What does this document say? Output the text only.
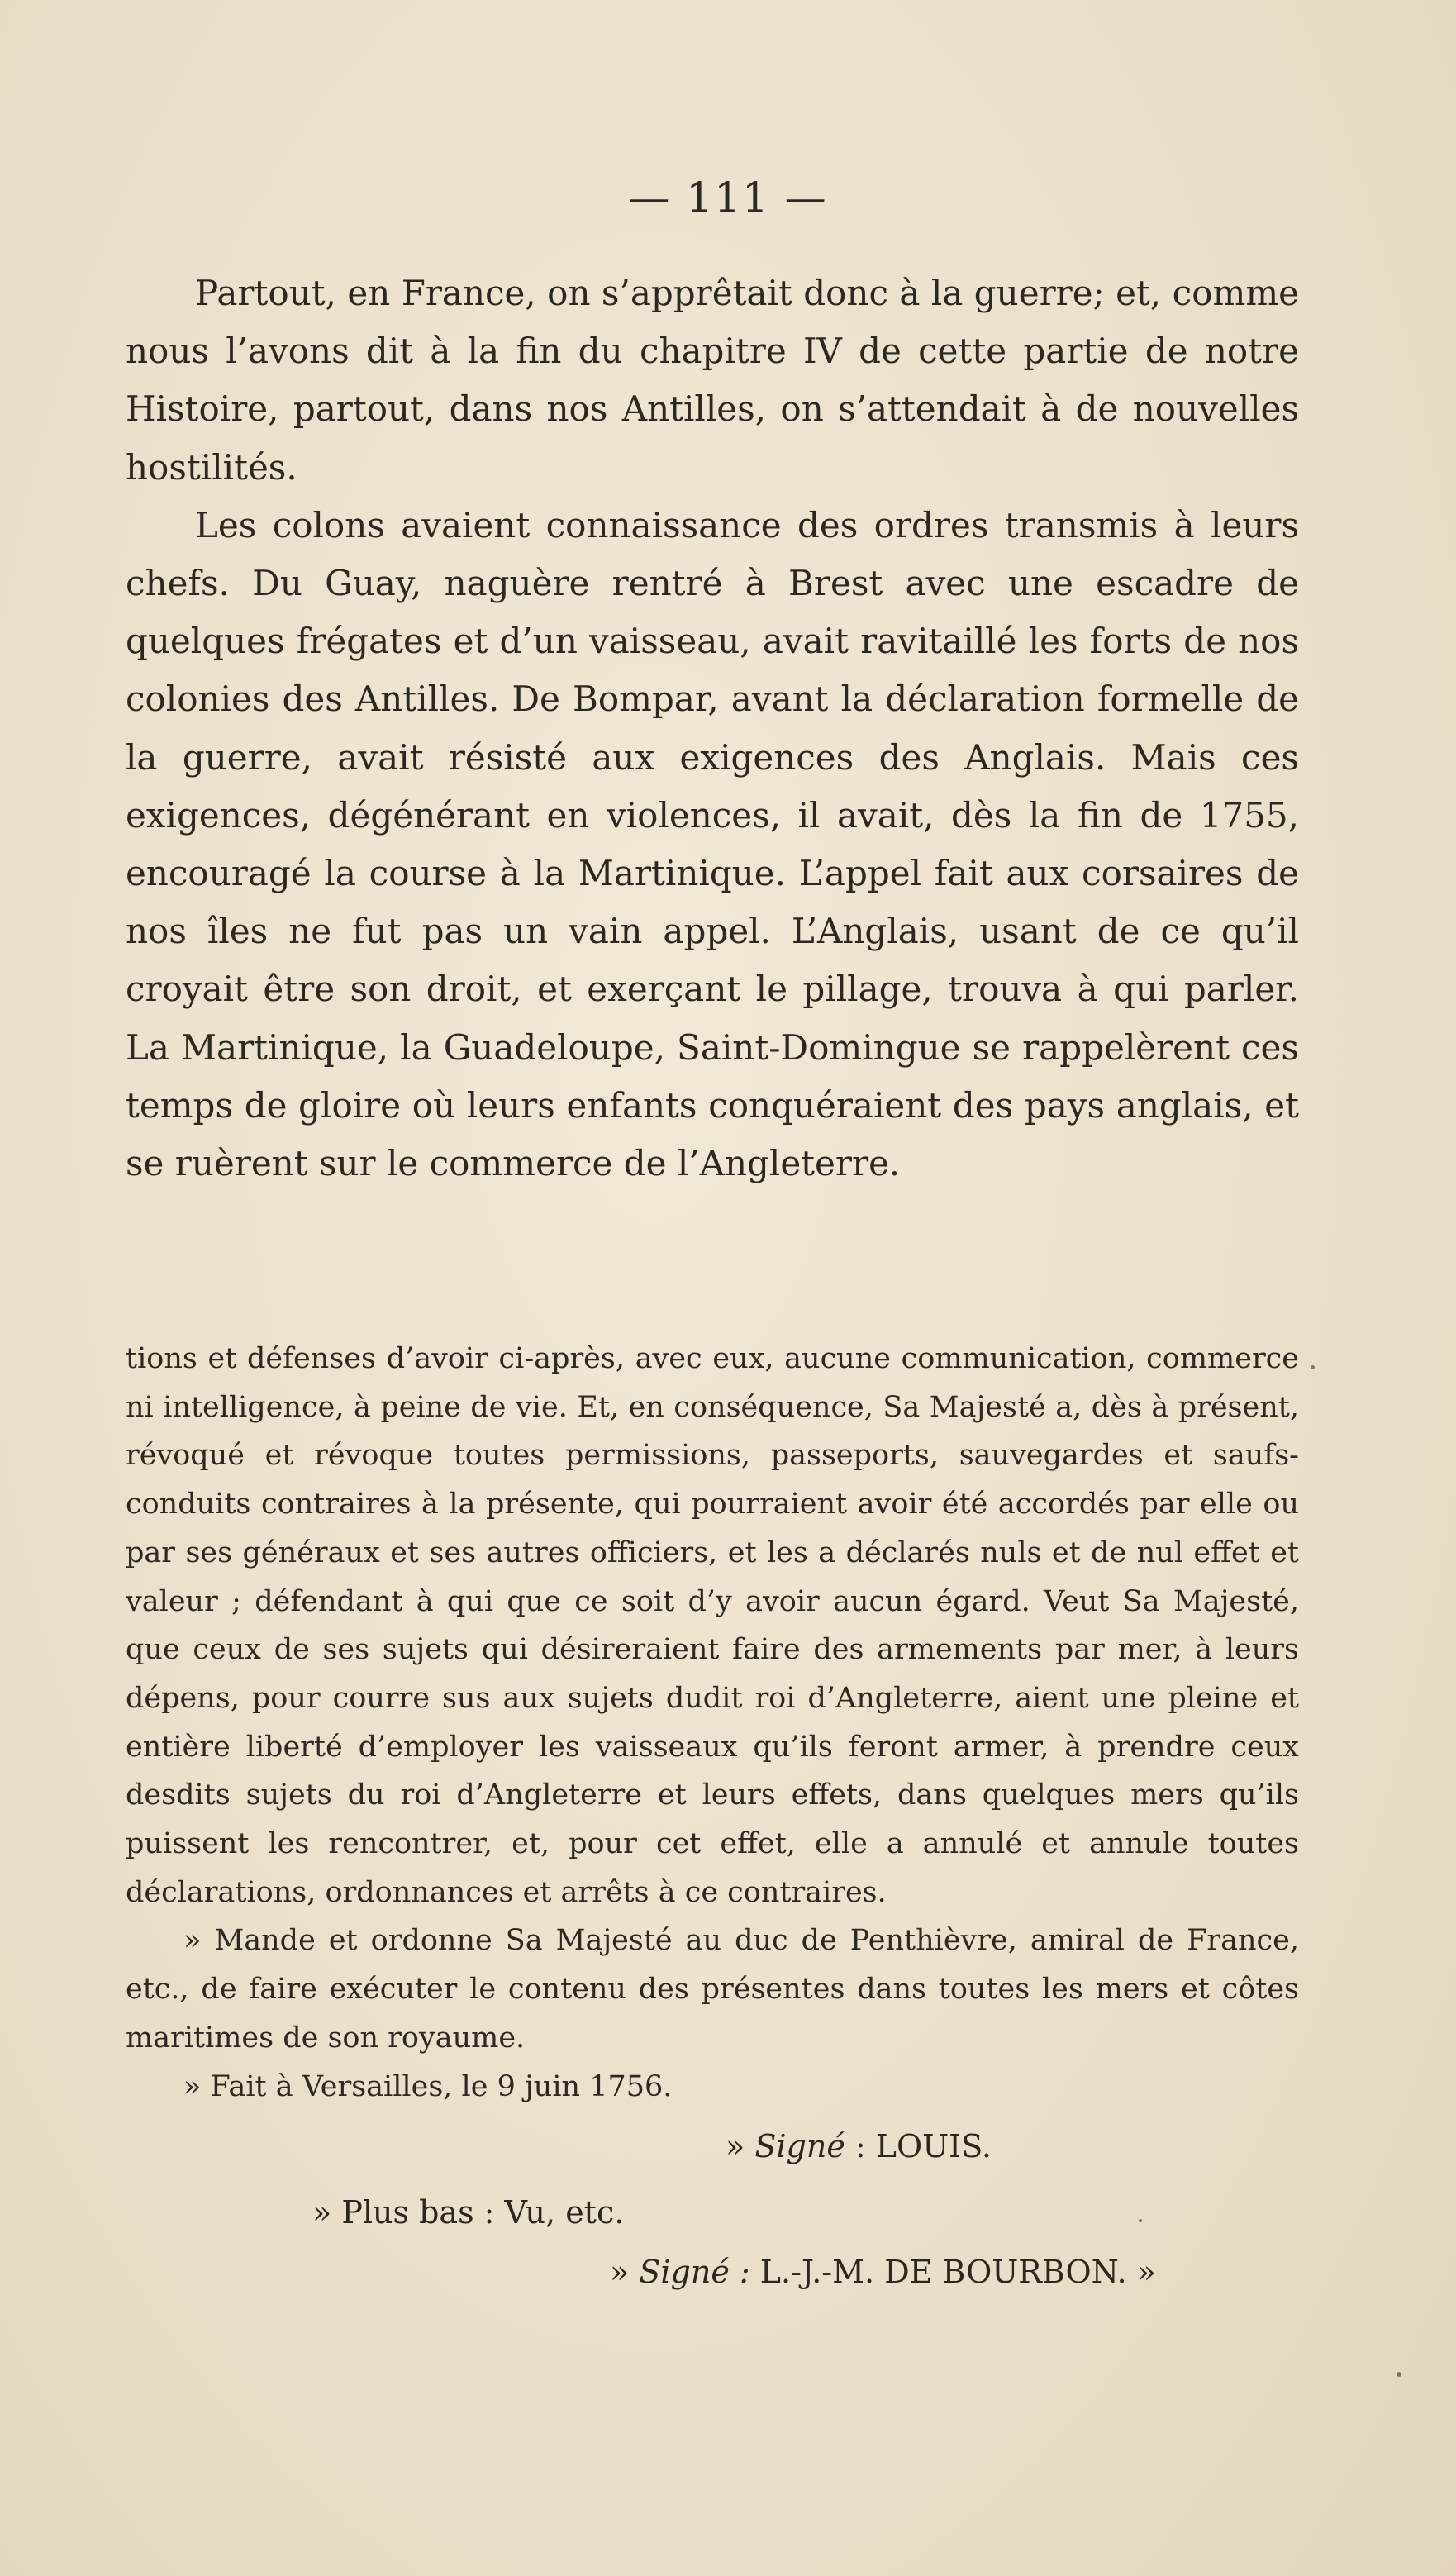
— 111 —

Partout, en France, on s’apprêtait donc à la guerre; et, comme nous l’avons dit à la fin du chapitre IV de cette partie de notre Histoire, partout, dans nos Antilles, on s’attendait à de nouvelles hostilités.

Les colons avaient connaissance des ordres transmis à leurs chefs. Du Guay, naguère rentré à Brest avec une escadre de quelques frégates et d’un vaisseau, avait ravitaillé les forts de nos colonies des Antilles. De Bompar, avant la déclaration formelle de la guerre, avait résisté aux exigences des Anglais. Mais ces exigences, dégénérant en violences, il avait, dès la fin de 1755, encouragé la course à la Martinique. L’appel fait aux corsaires de nos îles ne fut pas un vain appel. L’Anglais, usant de ce qu’il croyait être son droit, et exerçant le pillage, trouva à qui parler. La Martinique, la Guadeloupe, Saint-Domingue se rappelèrent ces temps de gloire où leurs enfants conquéraient des pays anglais, et se ruèrent sur le commerce de l’Angleterre.

tions et défenses d’avoir ci-après, avec eux, aucune communication, commerce ni intelligence, à peine de vie. Et, en conséquence, Sa Majesté a, dès à présent, révoqué et révoque toutes permissions, passeports, sauvegardes et saufs-conduits contraires à la présente, qui pourraient avoir été accordés par elle ou par ses généraux et ses autres officiers, et les a déclarés nuls et de nul effet et valeur ; défendant à qui que ce soit d’y avoir aucun égard. Veut Sa Majesté, que ceux de ses sujets qui désireraient faire des armements par mer, à leurs dépens, pour courre sus aux sujets dudit roi d’Angleterre, aient une pleine et entière liberté d’employer les vaisseaux qu’ils feront armer, à prendre ceux desdits sujets du roi d’Angleterre et leurs effets, dans quelques mers qu’ils puissent les rencontrer, et, pour cet effet, elle a annulé et annule toutes déclarations, ordonnances et arrêts à ce contraires.

» Mande et ordonne Sa Majesté au duc de Penthièvre, amiral de France, etc., de faire exécuter le contenu des présentes dans toutes les mers et côtes maritimes de son royaume.

» Fait à Versailles, le 9 juin 1756.

» Signé : LOUIS.
» Plus bas : Vu, etc.
» Signé : L.-J.-M. DE BOURBON. »
